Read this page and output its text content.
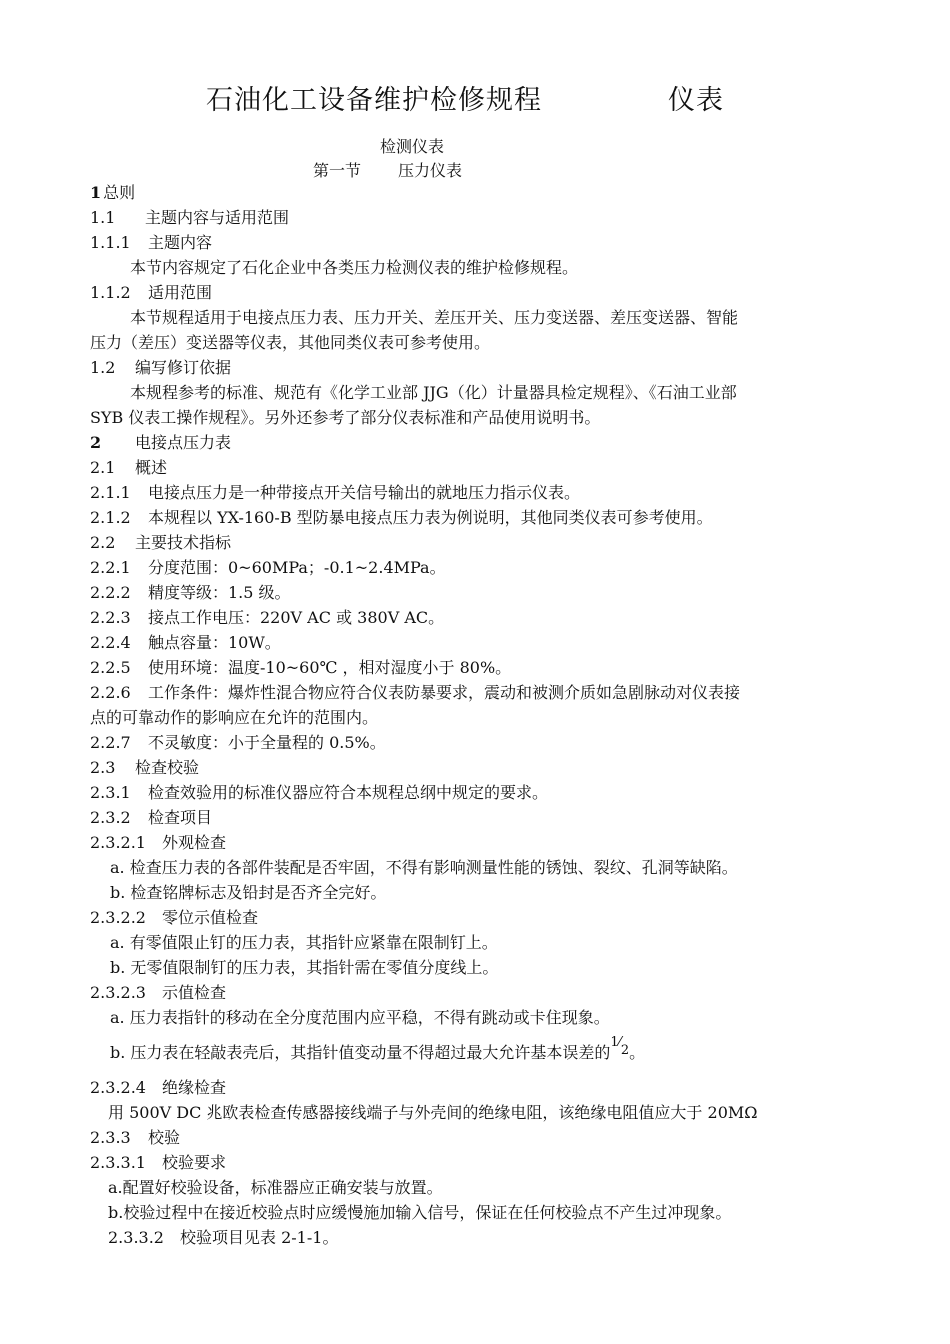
石油化工设备维护检修规程	仪表
检测仪表
第一节 压力仪表
1 总则
1.1 主题内容与适用范围
1.1.1 主题内容
本节内容规定了石化企业中各类压力检测仪表的维护检修规程。
1.1.2 适用范围
本节规程适用于电接点压力表、压力开关、差压开关、压力变送器、差压变送器、智能
压力（差压）变送器等仪表，其他同类仪表可参考使用。
1.2 编写修订依据
本规程参考的标准、规范有《化学工业部 JJG（化）计量器具检定规程》、《石油工业部
SYB 仪表工操作规程》。另外还参考了部分仪表标准和产品使用说明书。
2 电接点压力表
2.1 概述
2.1.1 电接点压力是一种带接点开关信号输出的就地压力指示仪表。
2.1.2 本规程以 YX-160-B 型防暴电接点压力表为例说明，其他同类仪表可参考使用。
2.2 主要技术指标
2.2.1 分度范围：0~60MPa；-0.1~2.4MPa。
2.2.2 精度等级：1.5 级。
2.2.3 接点工作电压：220V AC 或 380V AC。
2.2.4 触点容量：10W。
2.2.5 使用环境：温度-10~60℃ ，相对湿度小于 80%。
2.2.6 工作条件：爆炸性混合物应符合仪表防暴要求，震动和被测介质如急剧脉动对仪表接
点的可靠动作的影响应在允许的范围内。
2.2.7 不灵敏度：小于全量程的 0.5%。
2.3 检查校验
2.3.1 检查效验用的标准仪器应符合本规程总纲中规定的要求。
2.3.2 检查项目
2.3.2.1 外观检查
a. 检查压力表的各部件装配是否牢固，不得有影响测量性能的锈蚀、裂纹、孔洞等缺陷。
b. 检查铭牌标志及铅封是否齐全完好。
2.3.2.2 零位示值检查
a. 有零值限止钉的压力表，其指针应紧靠在限制钉上。
b. 无零值限制钉的压力表，其指针需在零值分度线上。
2.3.2.3 示值检查
a. 压力表指针的移动在全分度范围内应平稳，不得有跳动或卡住现象。
b. 压力表在轻敲表壳后，其指针值变动量不得超过最大允许基本误差的$^{1⁄2}$。
2.3.2.4 绝缘检查
用 500V DC 兆欧表检查传感器接线端子与外壳间的绝缘电阻，该绝缘电阻值应大于 20MΩ
2.3.3 校验
2.3.3.1 校验要求
a.配置好校验设备，标准器应正确安装与放置。
b.校验过程中在接近校验点时应缓慢施加输入信号，保证在任何校验点不产生过冲现象。
2.3.3.2 校验项目见表 2-1-1。
